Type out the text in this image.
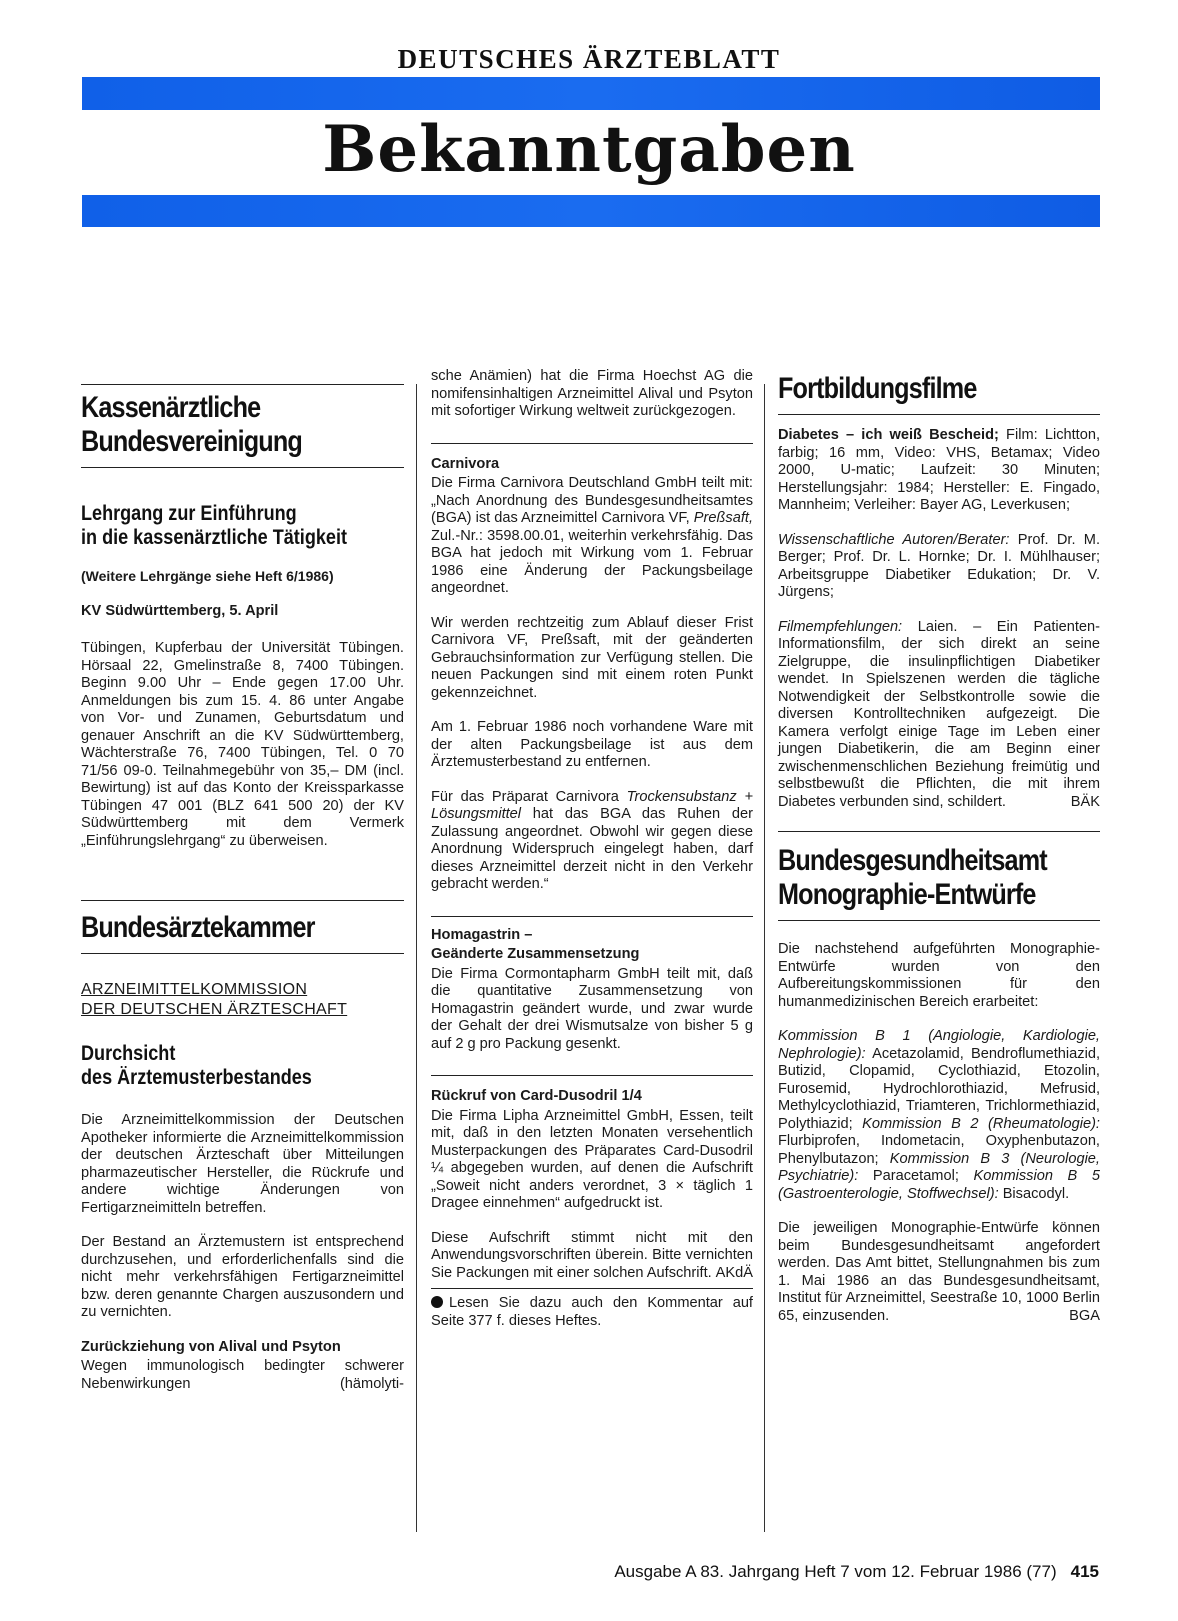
DEUTSCHES ÄRZTEBLATT
Bekanntgaben
Kassenärztliche
Bundesvereinigung
Lehrgang zur Einführung
in die kassenärztliche Tätigkeit

(Weitere Lehrgänge siehe Heft 6/1986)

KV Südwürttemberg, 5. April

Tübingen, Kupferbau der Universität Tübingen. Hörsaal 22, Gmelinstraße 8, 7400 Tübingen. Beginn 9.00 Uhr – Ende gegen 17.00 Uhr. Anmeldungen bis zum 15. 4. 86 unter Angabe von Vor- und Zunamen, Geburtsdatum und genauer Anschrift an die KV Südwürttemberg, Wächterstraße 76, 7400 Tübingen, Tel. 0 70 71/56 09-0. Teilnahmegebühr von 35,– DM (incl. Bewirtung) ist auf das Konto der Kreissparkasse Tübingen 47 001 (BLZ 641 500 20) der KV Südwürttemberg mit dem Vermerk „Einführungslehrgang“ zu überweisen.

Bundesärztekammer
ARZNEIMITTELKOMMISSION
DER DEUTSCHEN ÄRZTESCHAFT
Durchsicht
des Ärztemusterbestandes

Die Arzneimittelkommission der Deutschen Apotheker informierte die Arzneimittelkommission der deutschen Ärzteschaft über Mitteilungen pharmazeutischer Hersteller, die Rückrufe und andere wichtige Änderungen von Fertigarzneimitteln betreffen.

Der Bestand an Ärztemustern ist entsprechend durchzusehen, und erforderlichenfalls sind die nicht mehr verkehrsfähigen Fertigarzneimittel bzw. deren genannte Chargen auszusondern und zu vernichten.

Zurückziehung von Alival und Psyton

Wegen immunologisch bedingter schwerer Nebenwirkungen (hämolyti-

sche Anämien) hat die Firma Hoechst AG die nomifensinhaltigen Arzneimittel Alival und Psyton mit sofortiger Wirkung weltweit zurückgezogen.

Carnivora

Die Firma Carnivora Deutschland GmbH teilt mit: „Nach Anordnung des Bundesgesundheitsamtes (BGA) ist das Arzneimittel Carnivora VF, Preßsaft, Zul.-Nr.: 3598.00.01, weiterhin verkehrsfähig. Das BGA hat jedoch mit Wirkung vom 1. Februar 1986 eine Änderung der Packungsbeilage angeordnet.

Wir werden rechtzeitig zum Ablauf dieser Frist Carnivora VF, Preßsaft, mit der geänderten Gebrauchsinformation zur Verfügung stellen. Die neuen Packungen sind mit einem roten Punkt gekennzeichnet.

Am 1. Februar 1986 noch vorhandene Ware mit der alten Packungsbeilage ist aus dem Ärztemusterbestand zu entfernen.

Für das Präparat Carnivora Trockensubstanz + Lösungsmittel hat das BGA das Ruhen der Zulassung angeordnet. Obwohl wir gegen diese Anordnung Widerspruch eingelegt haben, darf dieses Arzneimittel derzeit nicht in den Verkehr gebracht werden.“

Homagastrin –
Geänderte Zusammensetzung

Die Firma Cormontapharm GmbH teilt mit, daß die quantitative Zusammensetzung von Homagastrin geändert wurde, und zwar wurde der Gehalt der drei Wismutsalze von bisher 5 g auf 2 g pro Packung gesenkt.

Rückruf von Card-Dusodril 1/4

Die Firma Lipha Arzneimittel GmbH, Essen, teilt mit, daß in den letzten Monaten versehentlich Musterpackungen des Präparates Card-Dusodril ¼ abgegeben wurden, auf denen die Aufschrift „Soweit nicht anders verordnet, 3 × täglich 1 Dragee einnehmen“ aufgedruckt ist.

Diese Aufschrift stimmt nicht mit den Anwendungsvorschriften überein. Bitte vernichten Sie Packungen mit einer solchen Aufschrift. AKdÄ

Lesen Sie dazu auch den Kommentar auf Seite 377 f. dieses Heftes.

Fortbildungsfilme

Diabetes – ich weiß Bescheid; Film: Lichtton, farbig; 16 mm, Video: VHS, Betamax; Video 2000, U-matic; Laufzeit: 30 Minuten; Herstellungsjahr: 1984; Hersteller: E. Fingado, Mannheim; Verleiher: Bayer AG, Leverkusen;

Wissenschaftliche Autoren/Berater: Prof. Dr. M. Berger; Prof. Dr. L. Hornke; Dr. I. Mühlhauser; Arbeitsgruppe Diabetiker Edukation; Dr. V. Jürgens;

Filmempfehlungen: Laien. – Ein Patienten-Informationsfilm, der sich direkt an seine Zielgruppe, die insulinpflichtigen Diabetiker wendet. In Spielszenen werden die tägliche Notwendigkeit der Selbstkontrolle sowie die diversen Kontrolltechniken aufgezeigt. Die Kamera verfolgt einige Tage im Leben einer jungen Diabetikerin, die am Beginn einer zwischenmenschlichen Beziehung freimütig und selbstbewußt die Pflichten, die mit ihrem Diabetes verbunden sind, schildert.	BÄK

Bundesgesundheitsamt
Monographie-Entwürfe

Die nachstehend aufgeführten Monographie-Entwürfe wurden von den Aufbereitungskommissionen für den humanmedizinischen Bereich erarbeitet:

Kommission B 1 (Angiologie, Kardiologie, Nephrologie): Acetazolamid, Bendroflumethiazid, Butizid, Clopamid, Cyclothiazid, Etozolin, Furosemid, Hydrochlorothiazid, Mefrusid, Methylcyclothiazid, Triamteren, Trichlormethiazid, Polythiazid; Kommission B 2 (Rheumatologie): Flurbiprofen, Indometacin, Oxyphenbutazon, Phenylbutazon; Kommission B 3 (Neurologie, Psychiatrie): Paracetamol; Kommission B 5 (Gastroenterologie, Stoffwechsel): Bisacodyl.

Die jeweiligen Monographie-Entwürfe können beim Bundesgesundheitsamt angefordert werden. Das Amt bittet, Stellungnahmen bis zum 1. Mai 1986 an das Bundesgesundheitsamt, Institut für Arzneimittel, Seestraße 10, 1000 Berlin 65, einzusenden.	BGA

Ausgabe A 83. Jahrgang Heft 7 vom 12. Februar 1986 (77) 415
